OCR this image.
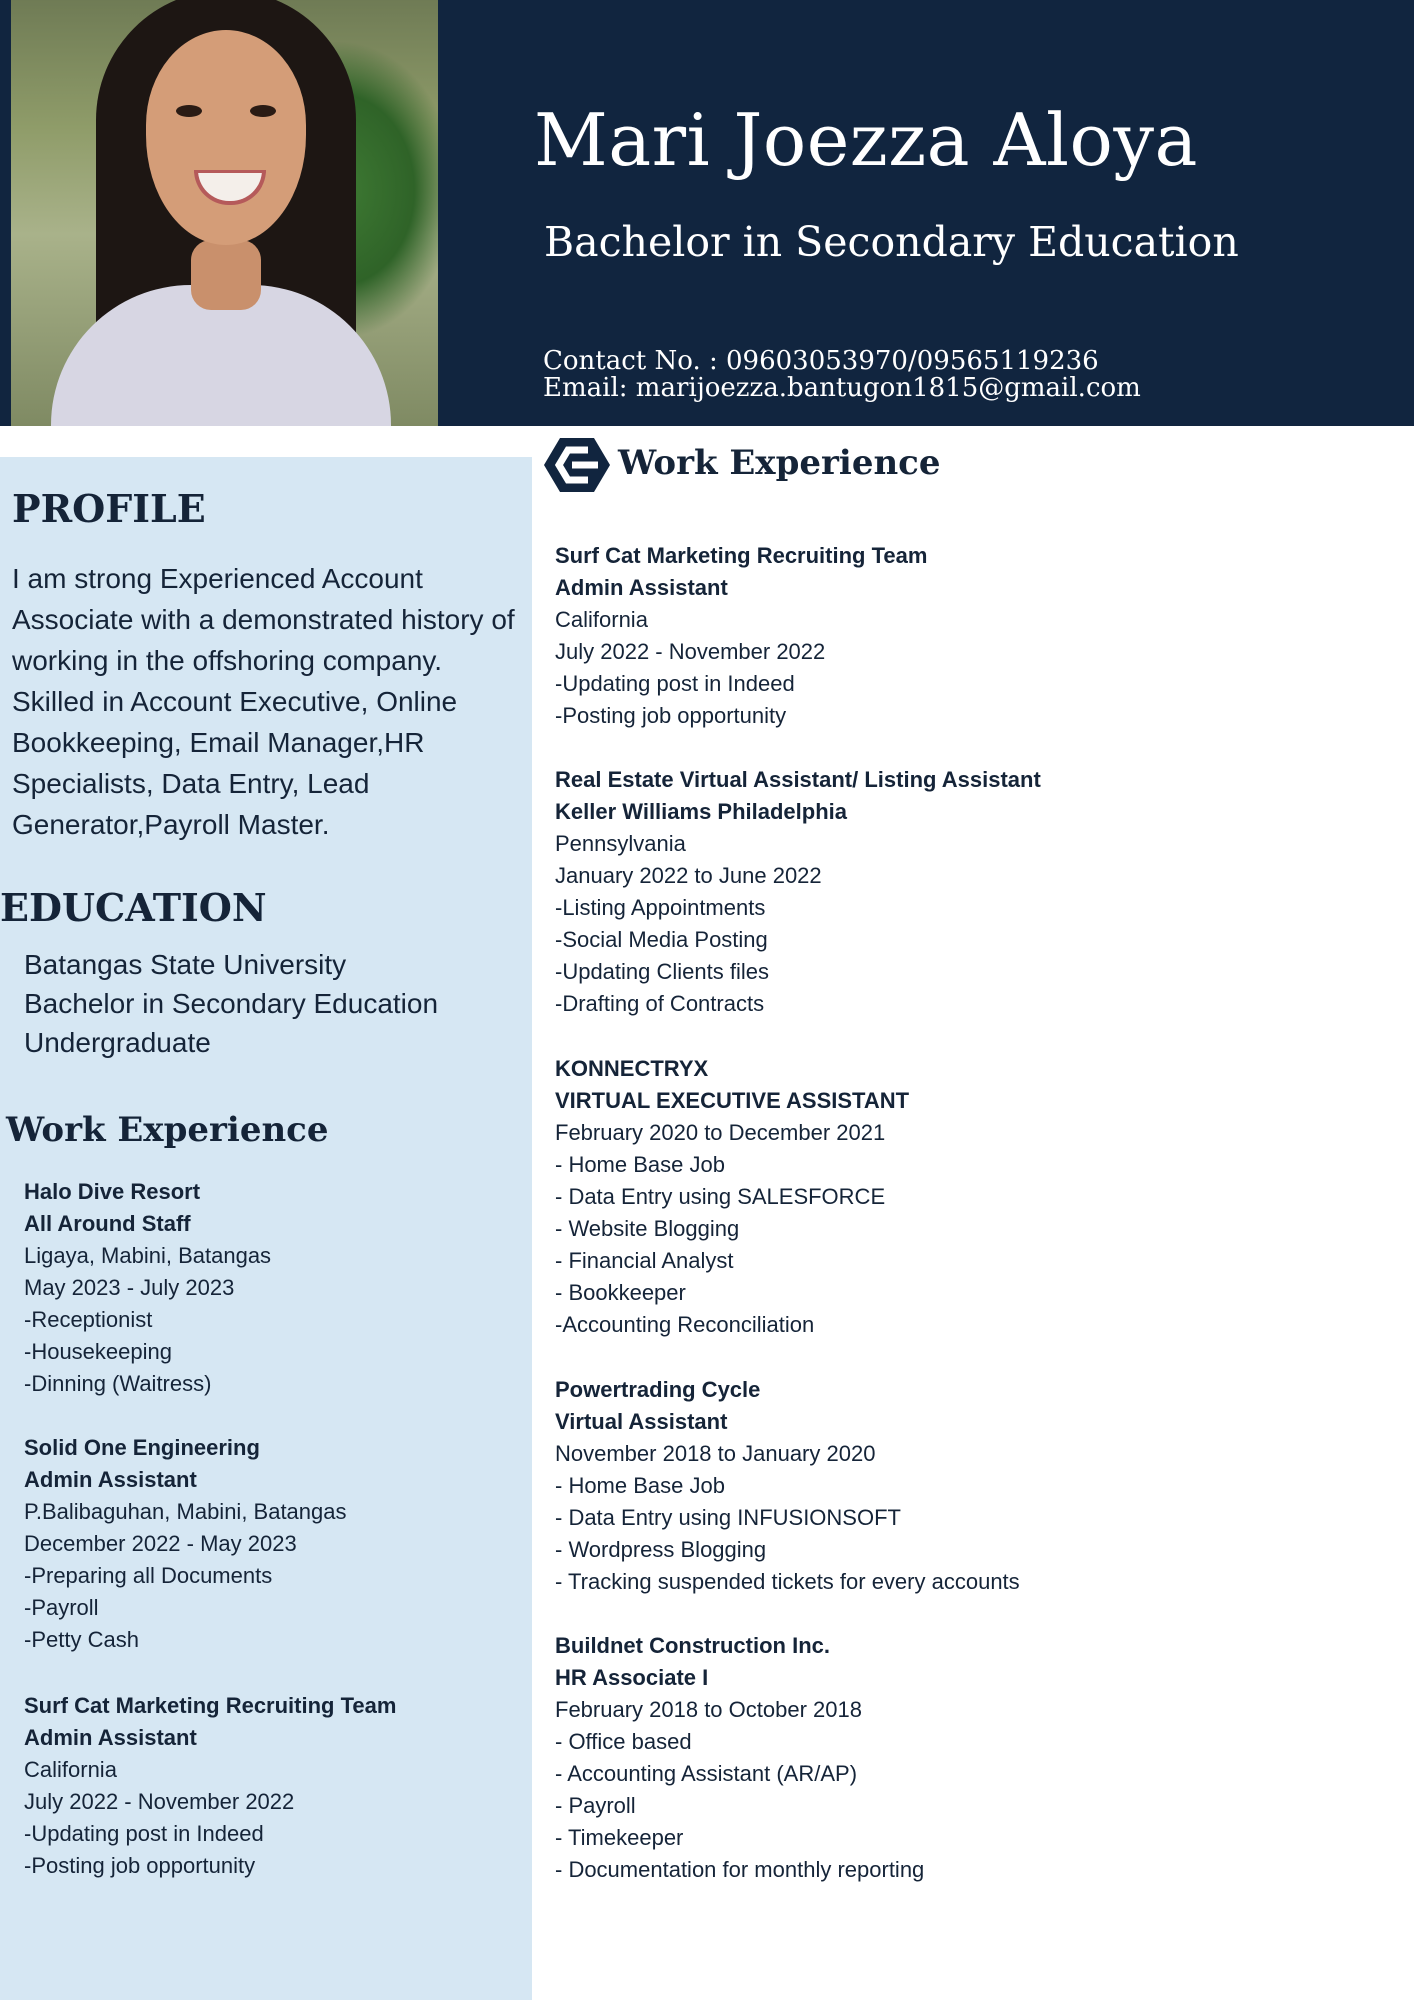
Mari Joezza Aloya
Bachelor in Secondary Education
Contact No. : 09603053970/09565119236
Email: marijoezza.bantugon1815@gmail.com
PROFILE
I am strong Experienced Account Associate with a demonstrated history of working in the offshoring company. Skilled in Account Executive, Online Bookkeeping, Email Manager,HR Specialists, Data Entry, Lead Generator,Payroll Master.
EDUCATION
Batangas State University
Bachelor in Secondary Education
Undergraduate
Work Experience
Halo Dive Resort
All Around Staff
Ligaya, Mabini, Batangas
May 2023 - July 2023
-Receptionist
-Housekeeping
-Dinning (Waitress)
Solid One Engineering
Admin Assistant
P.Balibaguhan, Mabini, Batangas
December 2022 - May 2023
-Preparing all Documents
-Payroll
-Petty Cash
Surf Cat Marketing Recruiting Team
Admin Assistant
California
July 2022 - November 2022
-Updating post in Indeed
-Posting job opportunity
Work Experience
Surf Cat Marketing Recruiting Team
Admin Assistant
California
July 2022 - November 2022
-Updating post in Indeed
-Posting job opportunity
Real Estate Virtual Assistant/ Listing Assistant
Keller Williams Philadelphia
Pennsylvania
January 2022 to June 2022
-Listing Appointments
-Social Media Posting
-Updating Clients files
-Drafting of Contracts
KONNECTRYX
VIRTUAL EXECUTIVE ASSISTANT
February 2020 to December 2021
- Home Base Job
- Data Entry using SALESFORCE
- Website Blogging
- Financial Analyst
- Bookkeeper
-Accounting Reconciliation
Powertrading Cycle
Virtual Assistant
November 2018 to January 2020
- Home Base Job
- Data Entry using INFUSIONSOFT
- Wordpress Blogging
- Tracking suspended tickets for every accounts
Buildnet Construction Inc.
HR Associate I
February 2018 to October 2018
- Office based
- Accounting Assistant (AR/AP)
- Payroll
- Timekeeper
- Documentation for monthly reporting
